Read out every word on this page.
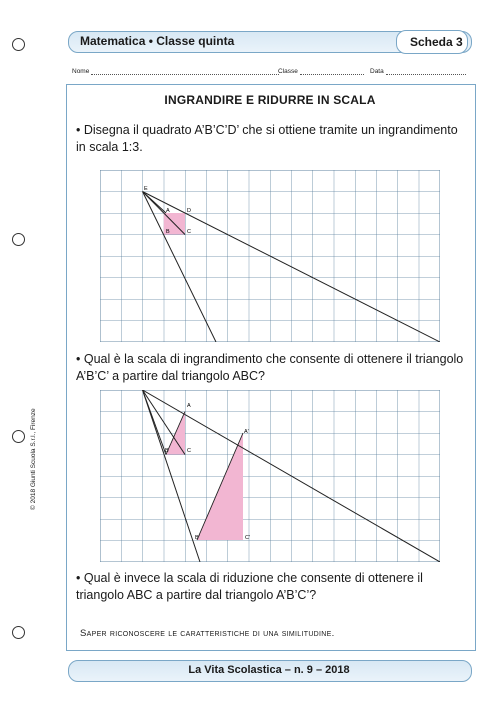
Matematica • Classe quinta	Scheda 3
Nome	Classe	Data
INGRANDIRE E RIDURRE IN SCALA
• Disegna il quadrato A’B’C’D’ che si ottiene tramite un ingrandimento in scala 1:3.
E
A	D
B	C
• Qual è la scala di ingrandimento che consente di ottenere il triangolo A’B’C’ a partire dal triangolo ABC?
A
B	C
A'
B'	C'
• Qual è invece la scala di riduzione che consente di ottenere il triangolo ABC a partire dal triangolo A’B’C’?
Saper riconoscere le caratteristiche di una similitudine.
La Vita Scolastica – n. 9 – 2018
© 2018 Giunti Scuola S.r.l., Firenze
